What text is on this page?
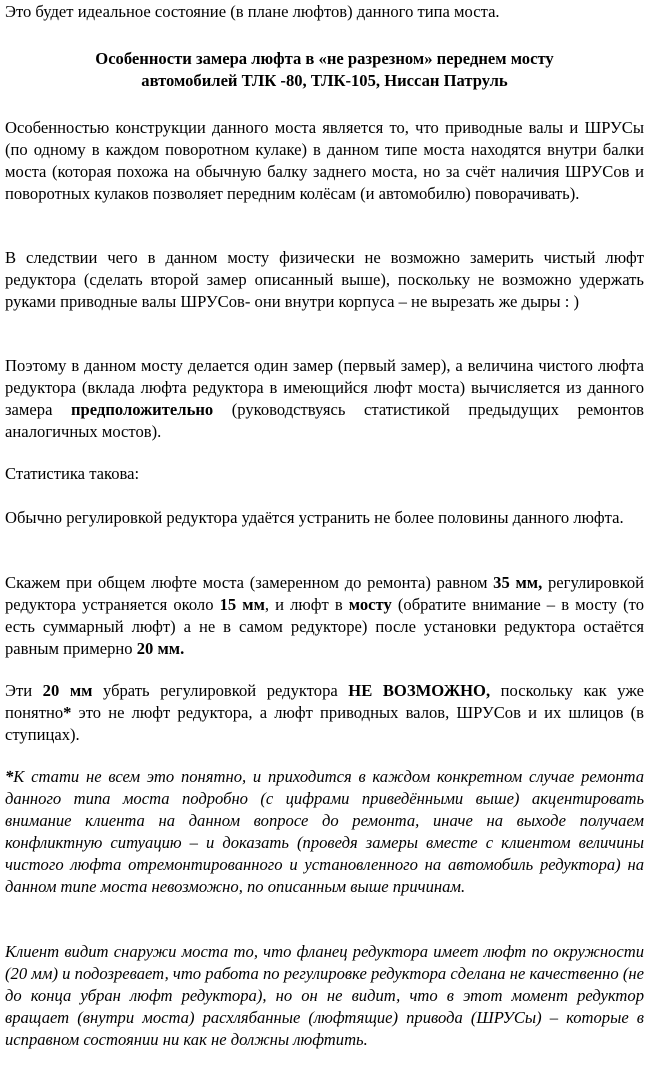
Это будет идеальное состояние (в плане люфтов) данного типа моста.

Особенности замера люфта в «не разрезном» переднем мосту
автомобилей ТЛК -80, ТЛК-105, Ниссан Патруль

Особенностью конструкции данного моста является то, что приводные валы и ШРУСы (по одному в каждом поворотном кулаке) в данном типе моста находятся внутри балки моста (которая похожа на обычную балку заднего моста, но за счёт наличия ШРУСов и поворотных кулаков позволяет передним колёсам (и автомобилю) поворачивать).

В следствии чего в данном мосту физически не возможно замерить чистый люфт редуктора (сделать второй замер описанный выше), поскольку не возможно удержать руками приводные валы ШРУСов- они внутри корпуса – не вырезать же дыры : )

Поэтому в данном мосту делается один замер (первый замер), а величина чистого люфта редуктора (вклада люфта редуктора в имеющийся люфт моста) вычисляется из данного замера предположительно (руководствуясь статистикой предыдущих ремонтов аналогичных мостов).

Статистика такова:

Обычно регулировкой редуктора удаётся устранить не более половины данного люфта.

Скажем при общем люфте моста (замеренном до ремонта) равном 35 мм, регулировкой редуктора устраняется около 15 мм, и люфт в мосту (обратите внимание – в мосту (то есть суммарный люфт) а не в самом редукторе) после установки редуктора остаётся равным примерно 20 мм.

Эти 20 мм убрать регулировкой редуктора НЕ ВОЗМОЖНО, поскольку как уже понятно* это не люфт редуктора, а люфт приводных валов, ШРУСов и их шлицов (в ступицах).

*К стати не всем это понятно, и приходится в каждом конкретном случае ремонта данного типа моста подробно (с цифрами приведёнными выше) акцентировать внимание клиента на данном вопросе до ремонта, иначе на выходе получаем конфликтную ситуацию – и доказать (проведя замеры вместе с клиентом величины чистого люфта отремонтированного и установленного на автомобиль редуктора) на данном типе моста невозможно, по описанным выше причинам.

Клиент видит снаружи моста то, что фланец редуктора имеет люфт по окружности (20 мм) и подозревает, что работа по регулировке редуктора сделана не качественно (не до конца убран люфт редуктора), но он не видит, что в этот момент редуктор вращает (внутри моста) расхлябанные (люфтящие) привода (ШРУСы) – которые в исправном состоянии ни как не должны люфтить.
